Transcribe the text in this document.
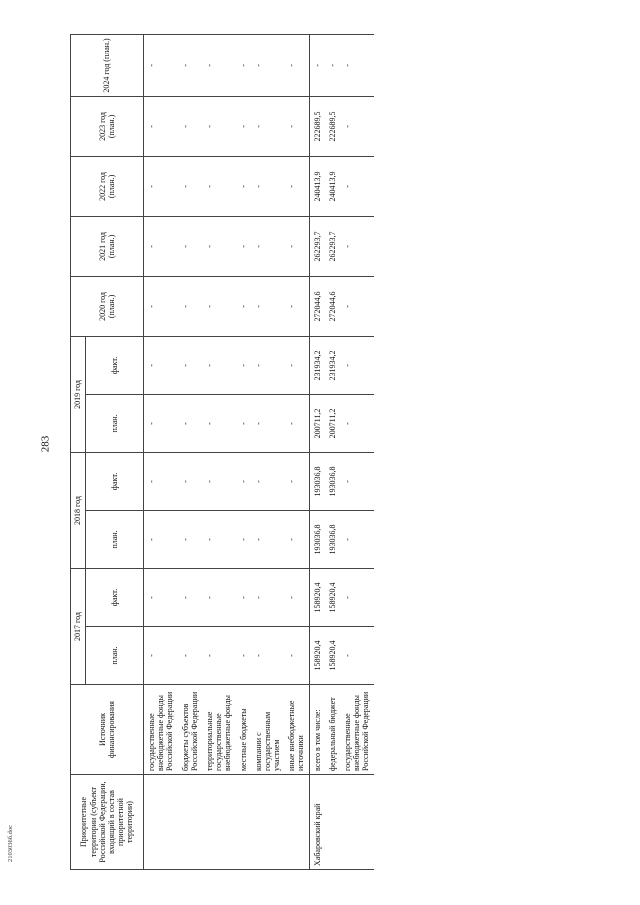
283
2103036б.doc	Приоритетные территории (субъект Российской Федерации, входящий в состав приоритетной территории)	Источник финансирования	2017 год		2018 год		2019 год		2020 год (план.)	2021 год (план.)	2022 год (план.)	2023 год (план.)	2024 год (план.)
		план.	факт.	план.	факт.	план.	факт.					
	государственные внебюджетные фонды Российской Федерации	-	-	-	-	-	-	-	-	-	-	-
	бюджеты субъектов Российской Федерации	-	-	-	-	-	-	-	-	-	-	-
	территориальные государственные внебюджетные фонды	-	-	-	-	-	-	-	-	-	-	-
	местные бюджеты	-	-	-	-	-	-	-	-	-	-	-
	компании с государственным участием	-	-	-	-	-	-	-	-	-	-	-
	иные внебюджетные источники	-	-	-	-	-	-	-	-	-	-	-
Хабаровский край	всего в том числе:	158920,4	158920,4	193036,8	193036,8	200711,2	231934,2	272044,6	262293,7	240413,9	222689,5	-
	федеральный бюджет	158920,4	158920,4	193036,8	193036,8	200711,2	231934,2	272044,6	262293,7	240413,9	222689,5	-
	государственные внебюджетные фонды Российской Федерации	-	-	-	-	-	-	-	-	-	-	-
